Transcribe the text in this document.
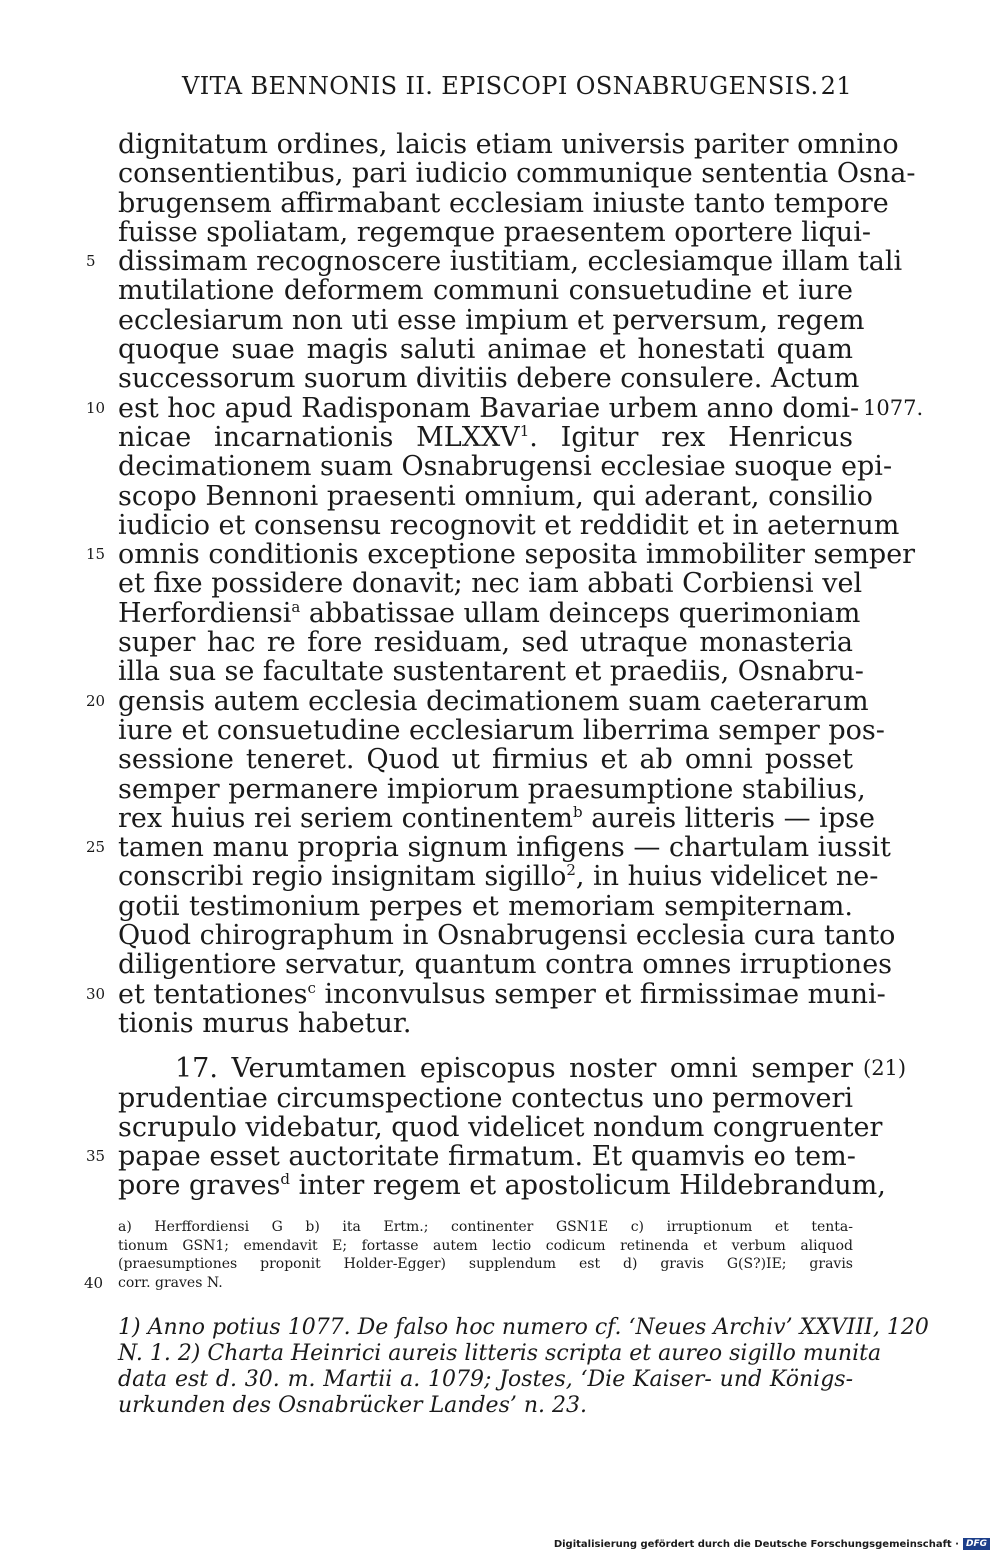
VITA BENNONIS II. EPISCOPI OSNABRUGENSIS. 21
dignitatum ordines, laicis etiam universis pariter omnino
consentientibus, pari iudicio communique sententia Osna-
brugensem affirmabant ecclesiam iniuste tanto tempore
fuisse spoliatam, regemque praesentem oportere liqui-
5 dissimam recognoscere iustitiam, ecclesiamque illam tali
mutilatione deformem communi consuetudine et iure
ecclesiarum non uti esse impium et perversum, regem
quoque suae magis saluti animae et honestati quam
successorum suorum divitiis debere consulere. Actum
10 est hoc apud Radisponam Bavariae urbem anno domi- 1077.
nicae incarnationis MLXXV$^1$. Igitur rex Henricus
decimationem suam Osnabrugensi ecclesiae suoque epi-
scopo Bennoni praesenti omnium, qui aderant, consilio
iudicio et consensu recognovit et reddidit et in aeternum
15 omnis conditionis exceptione seposita immobiliter semper
et fixe possidere donavit; nec iam abbati Corbiensi vel
Herfordiensi$^a$ abbatissae ullam deinceps querimoniam
super hac re fore residuam, sed utraque monasteria
illa sua se facultate sustentarent et praediis, Osnabru-
20 gensis autem ecclesia decimationem suam caeterarum
iure et consuetudine ecclesiarum liberrima semper pos-
sessione teneret. Quod ut firmius et ab omni posset
semper permanere impiorum praesumptione stabilius,
rex huius rei seriem continentem$^b$ aureis litteris — ipse
25 tamen manu propria signum infigens — chartulam iussit
conscribi regio insignitam sigillo$^2$, in huius videlicet ne-
gotii testimonium perpes et memoriam sempiternam.
Quod chirographum in Osnabrugensi ecclesia cura tanto
diligentiore servatur, quantum contra omnes irruptiones
30 et tentationes$^c$ inconvulsus semper et firmissimae muni-
tionis murus habetur.
17. Verumtamen episcopus noster omni semper (21)
prudentiae circumspectione contectus uno permoveri
scrupulo videbatur, quod videlicet nondum congruenter
35 papae esset auctoritate firmatum. Et quamvis eo tem-
pore graves$^d$ inter regem et apostolicum Hildebrandum,
a) Herffordiensi G b) ita Ertm.; continenter GSN1E c) irruptionum et tenta-
tionum GSN1; emendavit E; fortasse autem lectio codicum retinenda et verbum aliquod
(praesumptiones proponit Holder-Egger) supplendum est d) gravis G(S?)IE; gravis
40	corr. graves N.
1) Anno potius 1077. De falso hoc numero cf. ‘Neues Archiv’ XXVIII, 120
N. 1. 2) Charta Heinrici aureis litteris scripta et aureo sigillo munita
data est d. 30. m. Martii a. 1079; Jostes, ‘Die Kaiser- und Königs-
urkunden des Osnabrücker Landes’ n. 23.
Digitalisierung gefördert durch die Deutsche Forschungsgemeinschaft · DFG
